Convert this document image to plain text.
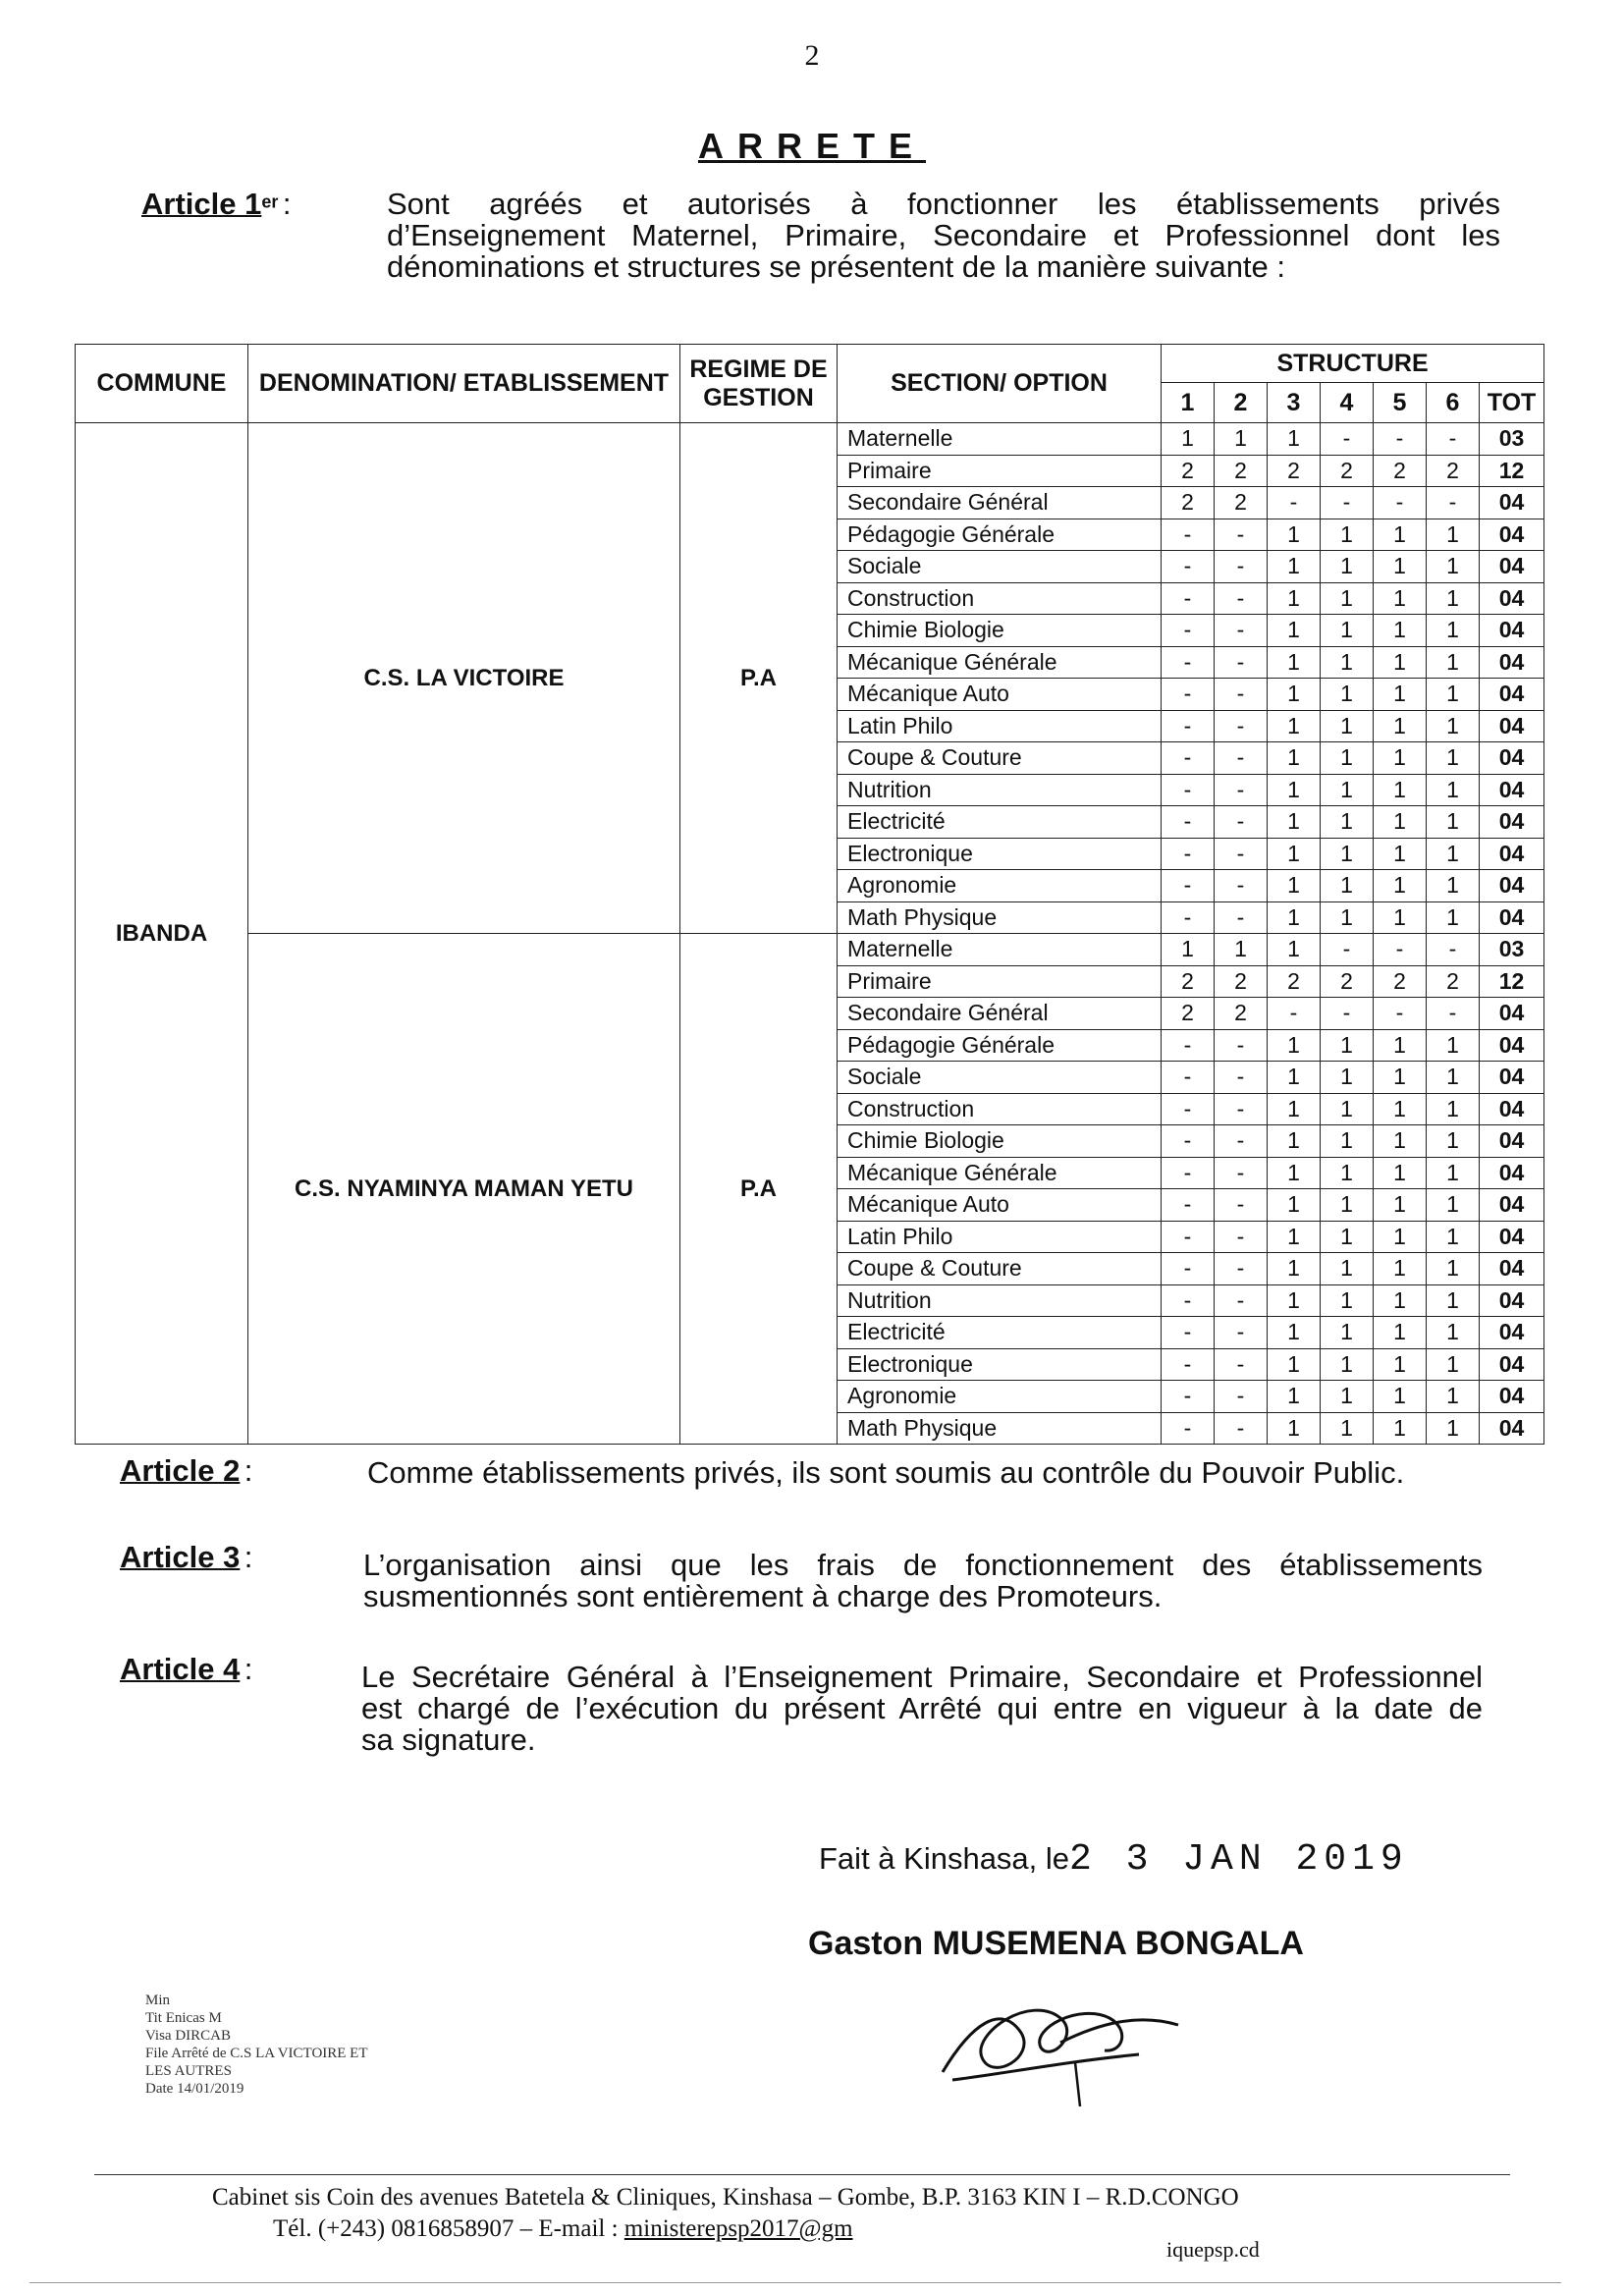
2
ARRETE
Article 1er :	Sont agréés et autorisés à fonctionner les établissements privés
d’Enseignement Maternel, Primaire, Secondaire et Professionnel dont les
dénominations et structures se présentent de la manière suivante :
COMMUNE	DENOMINATION/ ETABLISSEMENT	REGIME DE GESTION	SECTION/ OPTION	STRUCTURE						
				1	2	3	4	5	6	TOT
IBANDA	C.S. LA VICTOIRE	P.A	Maternelle	1	1	1	-	-	-	03
			Primaire	2	2	2	2	2	2	12
			Secondaire Général	2	2	-	-	-	-	04
			Pédagogie Générale	-	-	1	1	1	1	04
			Sociale	-	-	1	1	1	1	04
			Construction	-	-	1	1	1	1	04
			Chimie Biologie	-	-	1	1	1	1	04
			Mécanique Générale	-	-	1	1	1	1	04
			Mécanique Auto	-	-	1	1	1	1	04
			Latin Philo	-	-	1	1	1	1	04
			Coupe & Couture	-	-	1	1	1	1	04
			Nutrition	-	-	1	1	1	1	04
			Electricité	-	-	1	1	1	1	04
			Electronique	-	-	1	1	1	1	04
			Agronomie	-	-	1	1	1	1	04
			Math Physique	-	-	1	1	1	1	04
	C.S. NYAMINYA MAMAN YETU	P.A	Maternelle	1	1	1	-	-	-	03
			Primaire	2	2	2	2	2	2	12
			Secondaire Général	2	2	-	-	-	-	04
			Pédagogie Générale	-	-	1	1	1	1	04
			Sociale	-	-	1	1	1	1	04
			Construction	-	-	1	1	1	1	04
			Chimie Biologie	-	-	1	1	1	1	04
			Mécanique Générale	-	-	1	1	1	1	04
			Mécanique Auto	-	-	1	1	1	1	04
			Latin Philo	-	-	1	1	1	1	04
			Coupe & Couture	-	-	1	1	1	1	04
			Nutrition	-	-	1	1	1	1	04
			Electricité	-	-	1	1	1	1	04
			Electronique	-	-	1	1	1	1	04
			Agronomie	-	-	1	1	1	1	04
			Math Physique	-	-	1	1	1	1	04
Article 2 :	Comme établissements privés, ils sont soumis au contrôle du Pouvoir Public.
Article 3 :	L’organisation ainsi que les frais de fonctionnement des établissements
susmentionnés sont entièrement à charge des Promoteurs.
Article 4 :	Le Secrétaire Général à l’Enseignement Primaire, Secondaire et Professionnel
est chargé de l’exécution du présent Arrêté qui entre en vigueur à la date de
sa signature.
Fait à Kinshasa, le2 3 JAN 2019
Gaston MUSEMENA BONGALA
Min
Tit Enicas M
Visa DIRCAB
File Arrêté de C.S LA VICTOIRE ET
LES AUTRES
Date 14/01/2019
Cabinet sis Coin des avenues Batetela & Cliniques, Kinshasa – Gombe, B.P. 3163 KIN I – R.D.CONGO
Tél. (+243) 0816858907 – E-mail : ministerepsp2017@gm
iquepsp.cd
